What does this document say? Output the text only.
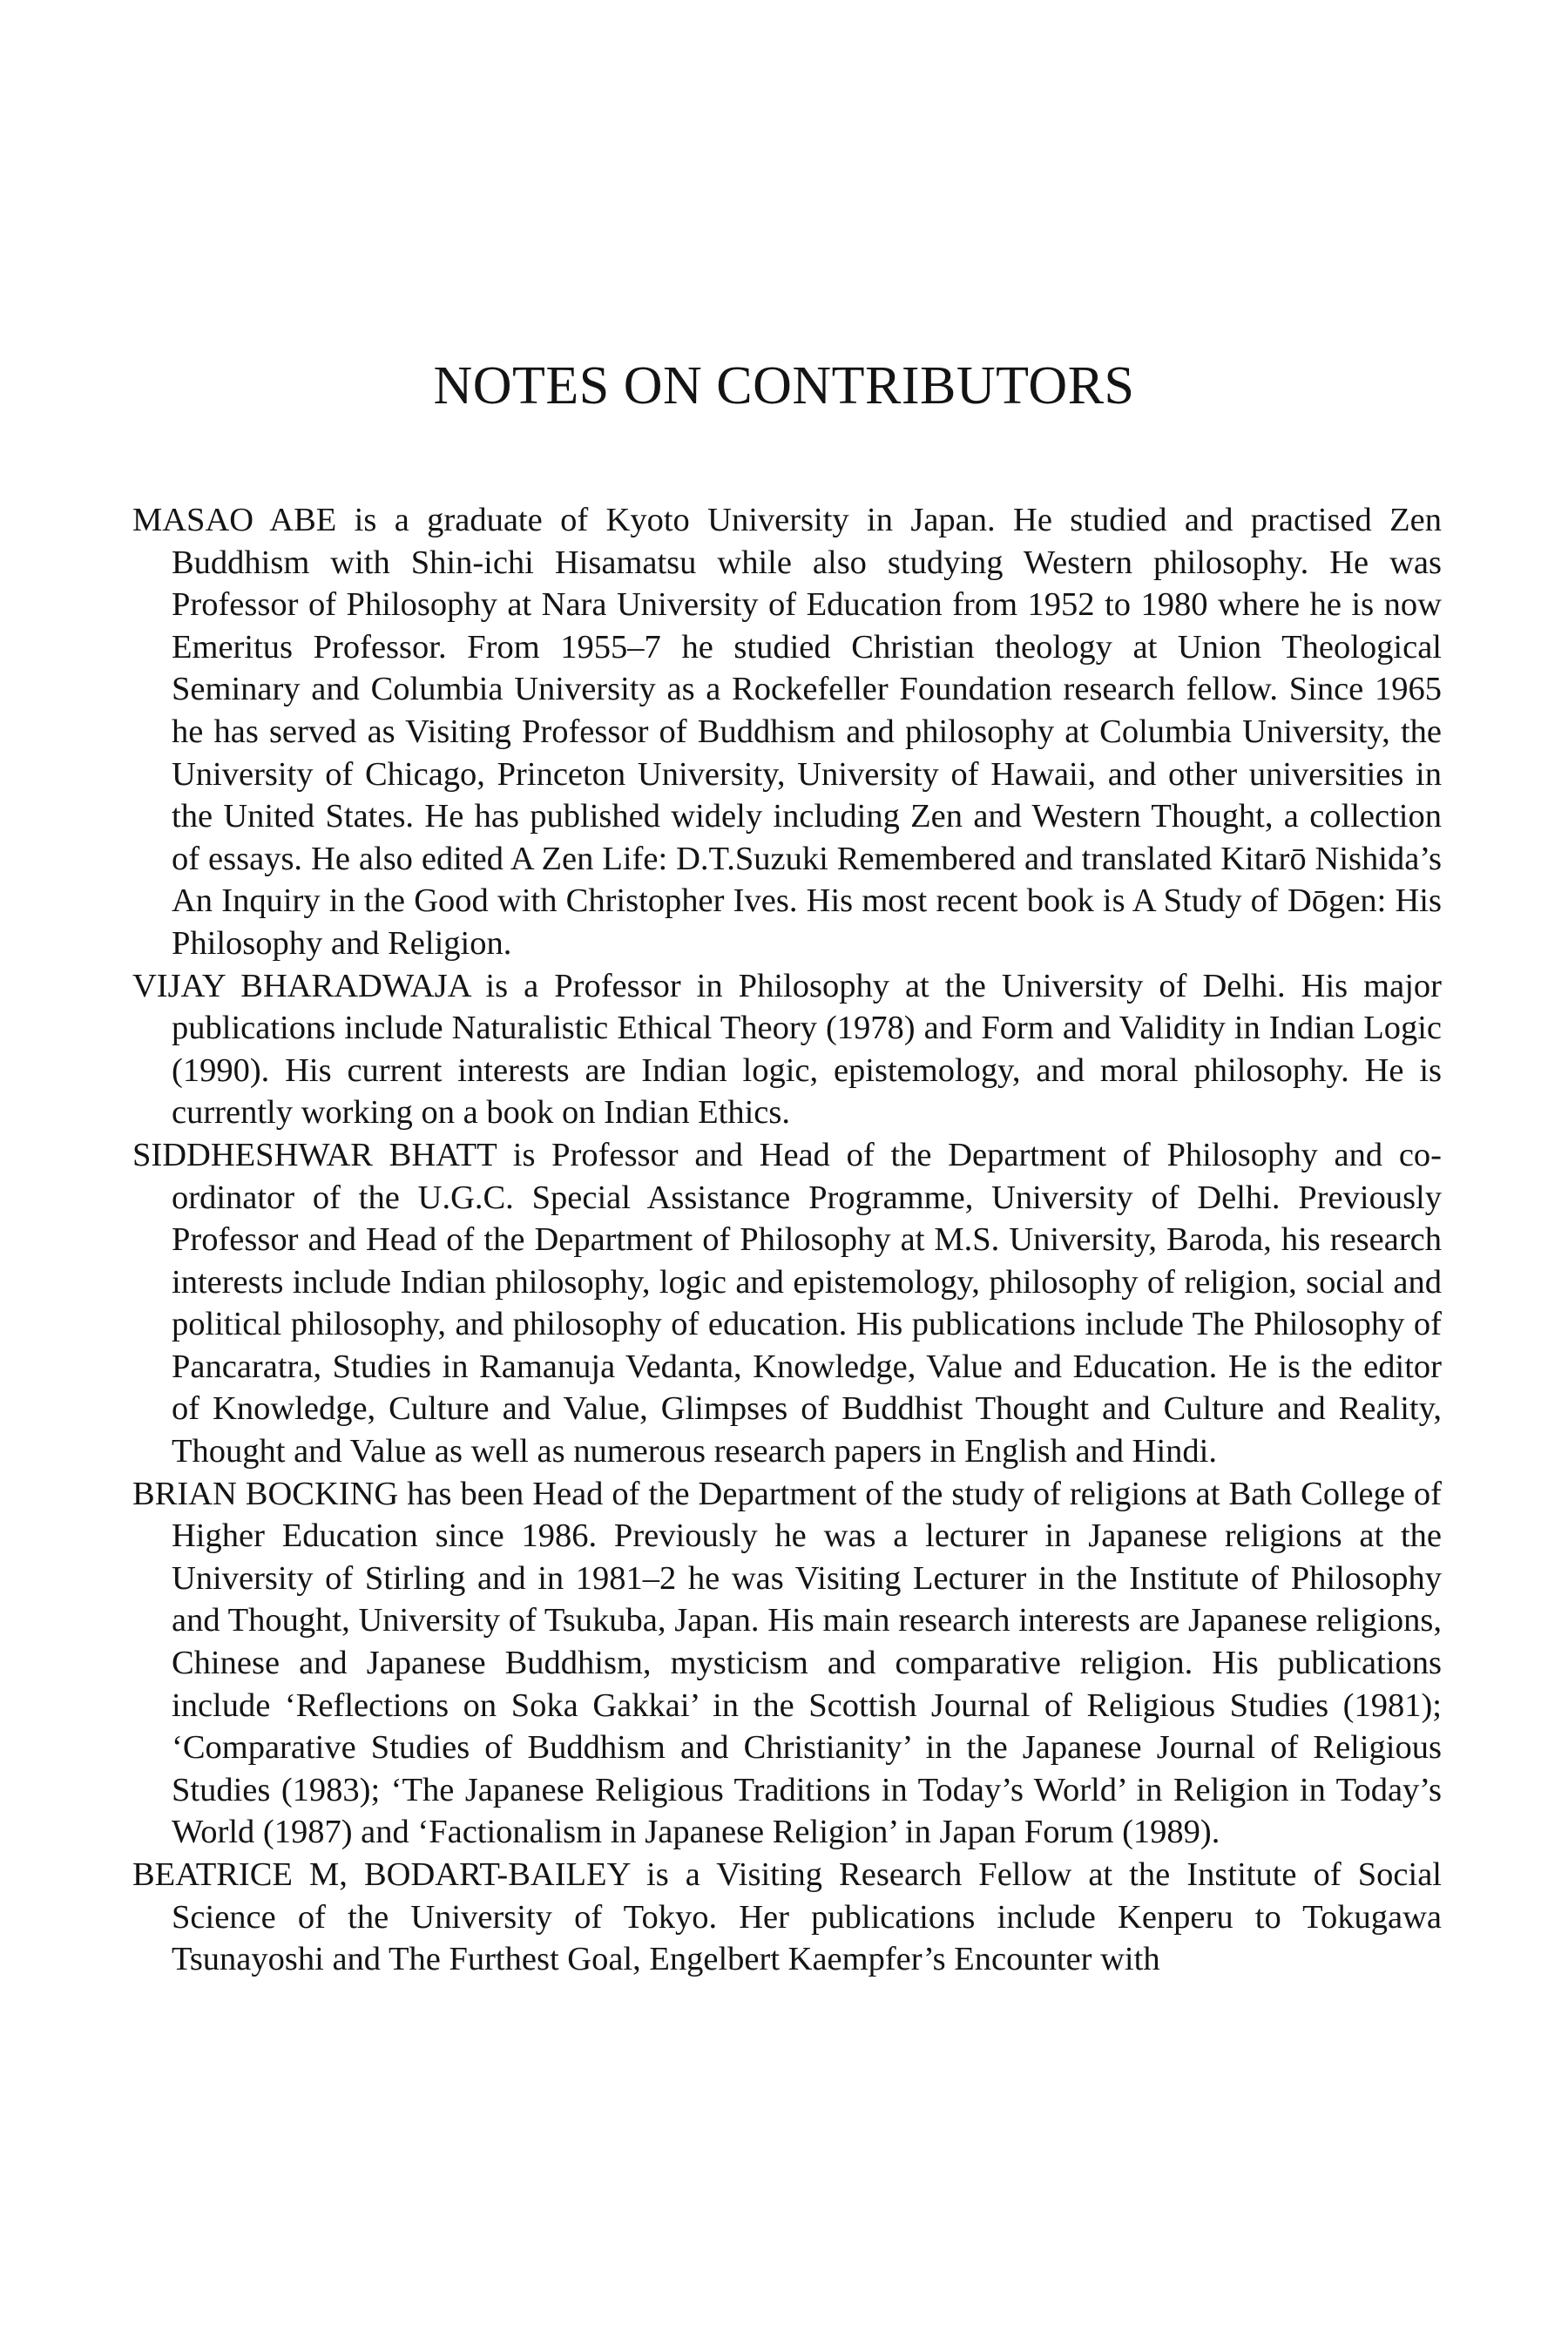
NOTES ON CONTRIBUTORS

MASAO ABE is a graduate of Kyoto University in Japan. He studied and practised Zen Buddhism with Shin-ichi Hisamatsu while also studying Western philosophy. He was Professor of Philosophy at Nara University of Education from 1952 to 1980 where he is now Emeritus Professor. From 1955–7 he studied Christian theology at Union Theological Seminary and Columbia University as a Rockefeller Foundation research fellow. Since 1965 he has served as Visiting Professor of Buddhism and philosophy at Columbia University, the University of Chicago, Princeton University, University of Hawaii, and other universities in the United States. He has published widely including Zen and Western Thought, a collection of essays. He also edited A Zen Life: D.T.Suzuki Remembered and translated Kitarō Nishida’s An Inquiry in the Good with Christopher Ives. His most recent book is A Study of Dōgen: His Philosophy and Religion.

VIJAY BHARADWAJA is a Professor in Philosophy at the University of Delhi. His major publications include Naturalistic Ethical Theory (1978) and Form and Validity in Indian Logic (1990). His current interests are Indian logic, epistemology, and moral philosophy. He is currently working on a book on Indian Ethics.

SIDDHESHWAR BHATT is Professor and Head of the Department of Philosophy and co-ordinator of the U.G.C. Special Assistance Programme, University of Delhi. Previously Professor and Head of the Department of Philosophy at M.S. University, Baroda, his research interests include Indian philosophy, logic and epistemology, philosophy of religion, social and political philosophy, and philosophy of education. His publications include The Philosophy of Pancaratra, Studies in Ramanuja Vedanta, Knowledge, Value and Education. He is the editor of Knowledge, Culture and Value, Glimpses of Buddhist Thought and Culture and Reality, Thought and Value as well as numerous research papers in English and Hindi.

BRIAN BOCKING has been Head of the Department of the study of religions at Bath College of Higher Education since 1986. Previously he was a lecturer in Japanese religions at the University of Stirling and in 1981–2 he was Visiting Lecturer in the Institute of Philosophy and Thought, University of Tsukuba, Japan. His main research interests are Japanese religions, Chinese and Japanese Buddhism, mysticism and comparative religion. His publications include ‘Reflections on Soka Gakkai’ in the Scottish Journal of Religious Studies (1981); ‘Comparative Studies of Buddhism and Christianity’ in the Japanese Journal of Religious Studies (1983); ‘The Japanese Religious Traditions in Today’s World’ in Religion in Today’s World (1987) and ‘Factionalism in Japanese Religion’ in Japan Forum (1989).

BEATRICE M, BODART-BAILEY is a Visiting Research Fellow at the Institute of Social Science of the University of Tokyo. Her publications include Kenperu to Tokugawa Tsunayoshi and The Furthest Goal, Engelbert Kaempfer’s Encounter with
